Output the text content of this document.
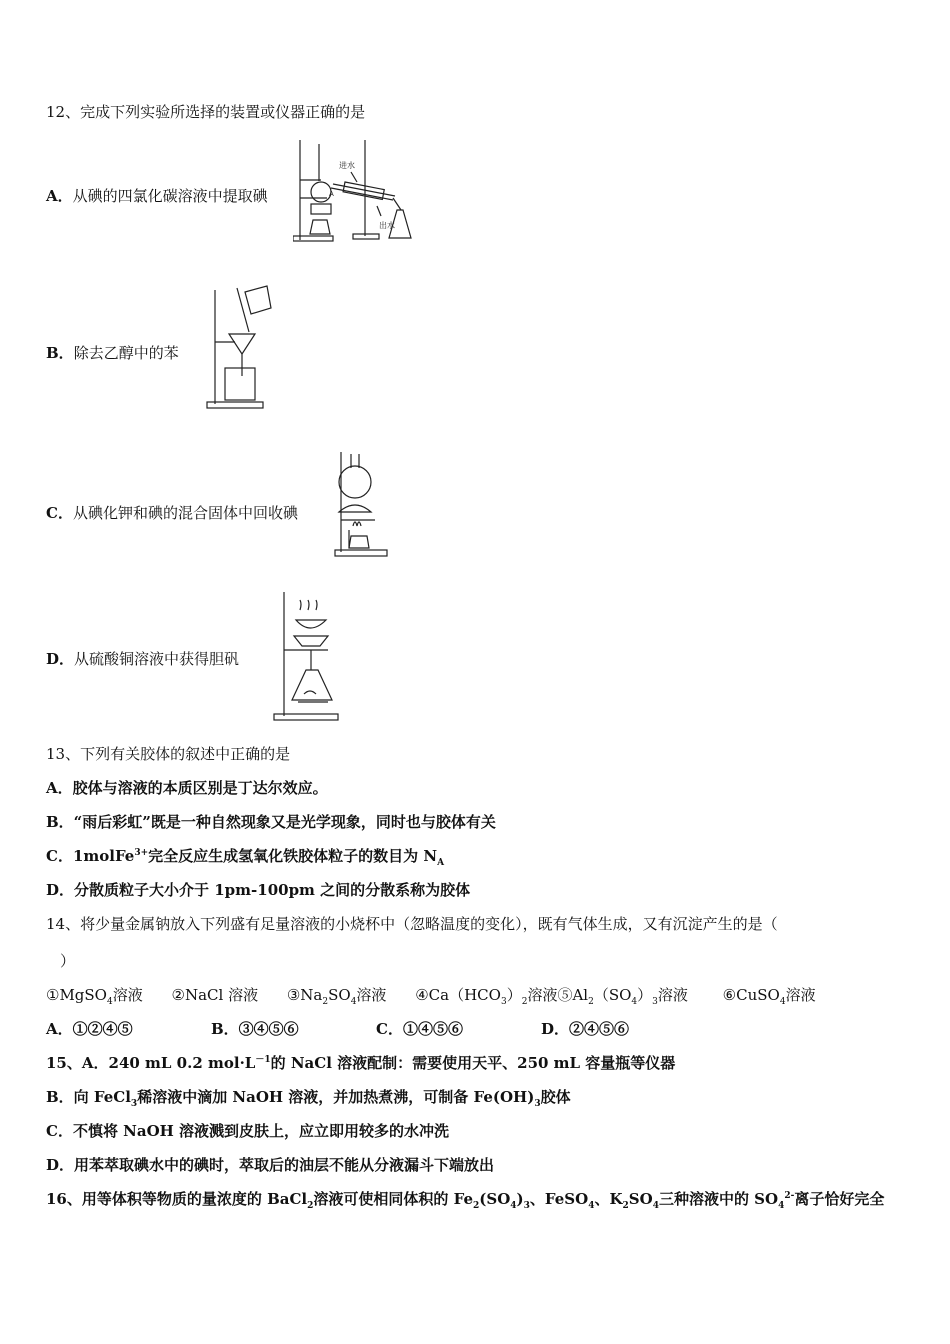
12、完成下列实验所选择的装置或仪器正确的是
A．从碘的四氯化碳溶液中提取碘
进水
出水
A
B．除去乙醇中的苯
C．从碘化钾和碘的混合固体中回收碘
D．从硫酸铜溶液中获得胆矾
13、下列有关胶体的叙述中正确的是
A．胶体与溶液的本质区别是丁达尔效应。
B．“雨后彩虹”既是一种自然现象又是光学现象，同时也与胶体有关
C．1molFe$^{3+}$完全反应生成氢氧化铁胶体粒子的数目为 $N_A$
D．分散质粒子大小介于 1pm-100pm 之间的分散系称为胶体
14、将少量金属钠放入下列盛有足量溶液的小烧杯中（忽略温度的变化），既有气体生成，又有沉淀产生的是（
）
①MgSO$_4$溶液 ②NaCl 溶液 $③Na_2SO_4$溶液 $④Ca(HCO_3)_2$溶液$⑤Al_2(SO_4)_3$溶液 ⑥CuSO$_4$溶液
A．①②④⑤	B．③④⑤⑥	C．①④⑤⑥	D．②④⑤⑥
15、A．240 mL 0.2 $mol\cdot L^{-1}$的 NaCl 溶液配制：需要使用天平、250 mL 容量瓶等仪器
B．向 FeCl$_3$稀溶液中滴加 NaOH 溶液，并加热煮沸，可制备 $Fe(OH)_3$胶体
C．不慎将 NaOH 溶液溅到皮肤上，应立即用较多的水冲洗
D．用苯萃取碘水中的碘时，萃取后的油层不能从分液漏斗下端放出
16、用等体积等物质的量浓度的 BaCl$_2$溶液可使相同体积的 $Fe_2(SO_4)_3$、FeSO$_4$、$K_2SO_4$三种溶液中的 $SO_4^{2-}$离子恰好完全
